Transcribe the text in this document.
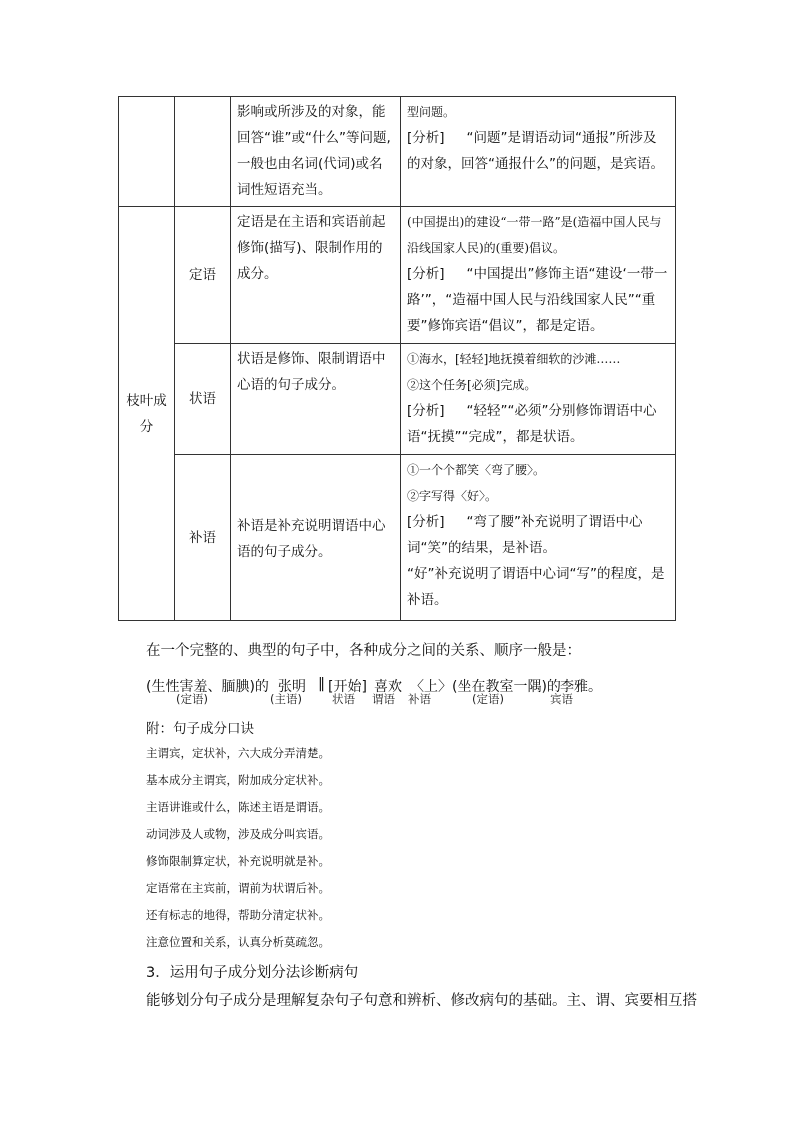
		影响或所涉及的对象，能回答“谁”或“什么”等问题,一般也由名词(代词)或名词性短语充当。	型问题。
[分析] “问题”是谓语动词“通报”所涉及的对象，回答“通报什么”的问题，是宾语。

枝叶成分	定语	定语是在主语和宾语前起修饰(描写)、限制作用的成分。	(中国提出)的建设“一带一路”是(造福中国人民与沿线国家人民)的(重要)倡议。
[分析] “中国提出”修饰主语“建设‘一带一路’”，“造福中国人民与沿线国家人民”“重要”修饰宾语“倡议”，都是定语。

	状语	状语是修饰、限制谓语中心语的句子成分。	①海水，[轻轻]地抚摸着细软的沙滩……
②这个任务[必须]完成。
[分析] “轻轻”“必须”分别修饰谓语中心语“抚摸”“完成”，都是状语。

	补语	补语是补充说明谓语中心语的句子成分。	①一个个都笑〈弯了腰〉。
②字写得〈好〉。
[分析] “弯了腰”补充说明了谓语中心词“笑”的结果，是补语。
“好”补充说明了谓语中心词“写”的程度，是补语。
在一个完整的、典型的句子中，各种成分之间的关系、顺序一般是：
(生性害羞、腼腆)的 张明 ‖ [开始] 喜欢 〈上〉 (坐在教室一隅)的 李雅 。
(定语)	(主语)	状语 谓语 补语	(定语)	宾语
附：句子成分口诀
主谓宾，定状补，六大成分弄清楚。
基本成分主谓宾，附加成分定状补。
主语讲谁或什么，陈述主语是谓语。
动词涉及人或物，涉及成分叫宾语。
修饰限制算定状，补充说明就是补。
定语常在主宾前，谓前为状谓后补。
还有标志的地得，帮助分清定状补。
注意位置和关系，认真分析莫疏忽。
3．运用句子成分划分法诊断病句
能够划分句子成分是理解复杂句子句意和辨析、修改病句的基础。主、谓、宾要相互搭
